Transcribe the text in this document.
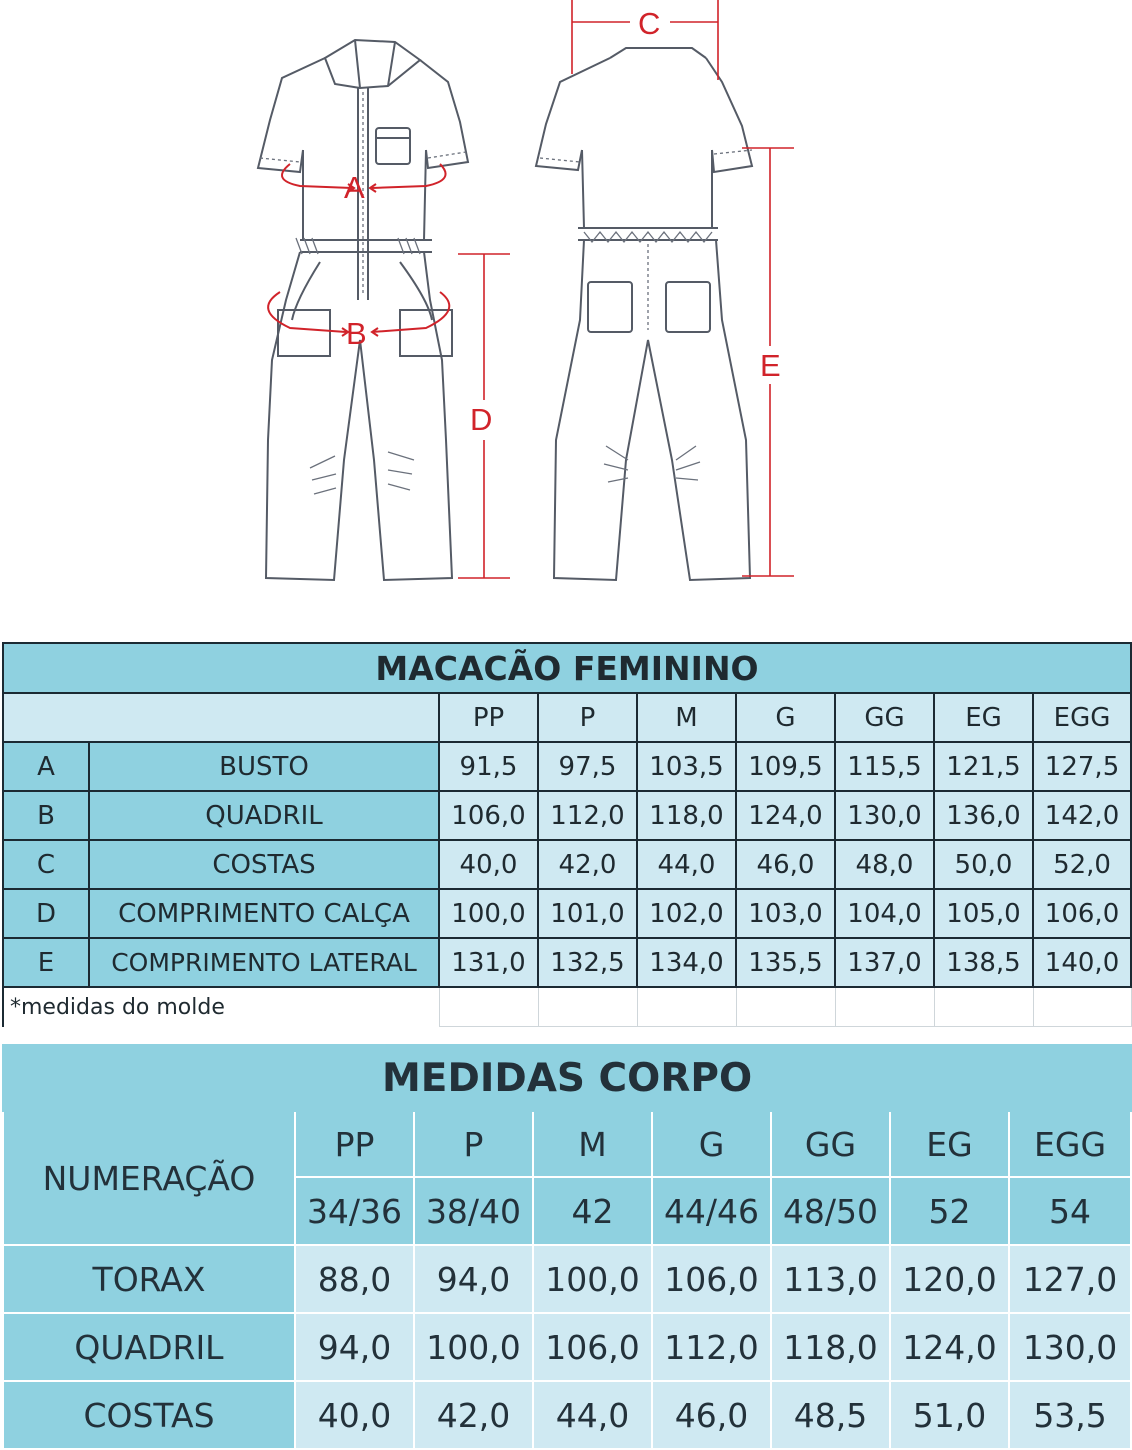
A
B
D
C
E
MACACÃO FEMININO								
		PP	P	M	G	GG	EG	EGG
A	BUSTO	91,5	97,5	103,5	109,5	115,5	121,5	127,5
B	QUADRIL	106,0	112,0	118,0	124,0	130,0	136,0	142,0
C	COSTAS	40,0	42,0	44,0	46,0	48,0	50,0	52,0
D	COMPRIMENTO CALÇA	100,0	101,0	102,0	103,0	104,0	105,0	106,0
E	COMPRIMENTO LATERAL	131,0	132,5	134,0	135,5	137,0	138,5	140,0
*medidas do molde								
MEDIDAS CORPO							
NUMERAÇÃO	PP	P	M	G	GG	EG	EGG
	34/36	38/40	42	44/46	48/50	52	54
TORAX	88,0	94,0	100,0	106,0	113,0	120,0	127,0
QUADRIL	94,0	100,0	106,0	112,0	118,0	124,0	130,0
COSTAS	40,0	42,0	44,0	46,0	48,5	51,0	53,5
